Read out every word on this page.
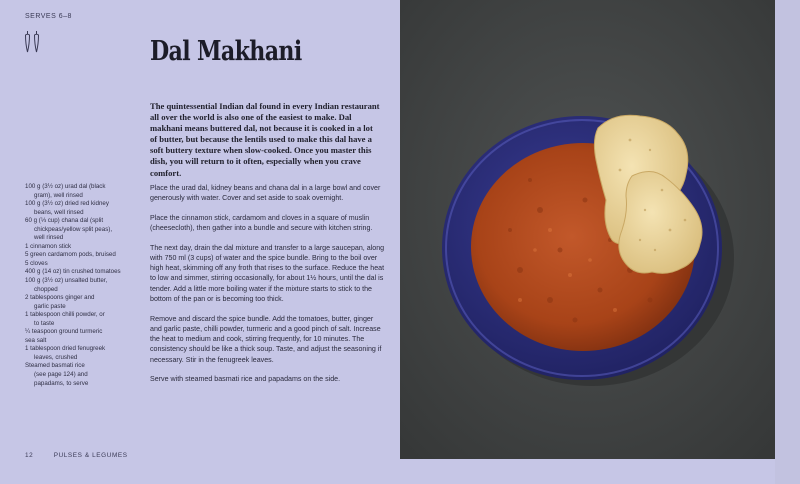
SERVES 6–8
Dal Makhani

The quintessential Indian dal found in every Indian restaurant all over the world is also one of the easiest to make. Dal makhani means buttered dal, not because it is cooked in a lot of butter, but because the lentils used to make this dal have a soft buttery texture when slow-cooked. Once you master this dish, you will return to it often, especially when you crave comfort.

100 g (3½ oz) urad dal (black
gram), well rinsed
100 g (3½ oz) dried red kidney
beans, well rinsed
60 g (⅓ cup) chana dal (split
chickpeas/yellow split peas),
well rinsed
1 cinnamon stick
5 green cardamom pods, bruised
5 cloves
400 g (14 oz) tin crushed tomatoes
100 g (3½ oz) unsalted butter,
chopped
2 tablespoons ginger and
garlic paste
1 tablespoon chilli powder, or
to taste
¼ teaspoon ground turmeric
sea salt
1 tablespoon dried fenugreek
leaves, crushed
Steamed basmati rice
(see page 124) and
papadams, to serve

Place the urad dal, kidney beans and chana dal in a large bowl and cover generously with water. Cover and set aside to soak overnight.

Place the cinnamon stick, cardamom and cloves in a square of muslin (cheesecloth), then gather into a bundle and secure with kitchen string.

The next day, drain the dal mixture and transfer to a large saucepan, along with 750 ml (3 cups) of water and the spice bundle. Bring to the boil over high heat, skimming off any froth that rises to the surface. Reduce the heat to low and simmer, stirring occasionally, for about 1½ hours, until the dal is tender. Add a little more boiling water if the mixture starts to stick to the bottom of the pan or is becoming too thick.

Remove and discard the spice bundle. Add the tomatoes, butter, ginger and garlic paste, chilli powder, turmeric and a good pinch of salt. Increase the heat to medium and cook, stirring frequently, for 10 minutes. The consistency should be like a thick soup. Taste, and adjust the seasoning if necessary. Stir in the fenugreek leaves.

Serve with steamed basmati rice and papadams on the side.

12	PULSES & LEGUMES
